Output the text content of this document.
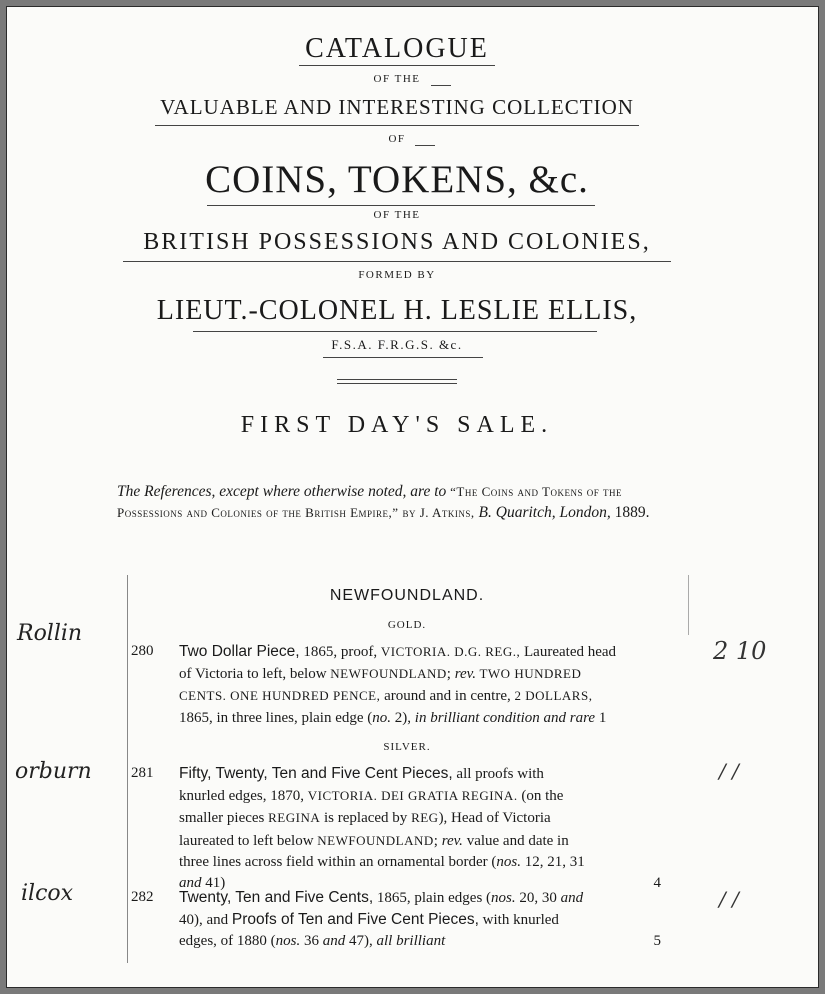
CATALOGUE
OF THE
VALUABLE AND INTERESTING COLLECTION
OF
COINS, TOKENS, &c.
OF THE
BRITISH POSSESSIONS AND COLONIES,
FORMED BY
LIEUT.-COLONEL H. LESLIE ELLIS,
F.S.A. F.R.G.S. &c.
FIRST DAY'S SALE.
The References, except where otherwise noted, are to “The Coins and Tokens of the Possessions and Colonies of the British Empire,” by J. Atkins, B. Quaritch, London, 1889.
NEWFOUNDLAND.
GOLD.
SILVER.
Rollin
2 10
280	Two Dollar Piece, 1865, proof, VICTORIA. D.G. REG., Laureated head
of Victoria to left, below NEWFOUNDLAND; rev. TWO HUNDRED
CENTS. ONE HUNDRED PENCE, around and in centre, 2 DOLLARS,
1865, in three lines, plain edge (no. 2), in brilliant condition and rare 1
orburn	/ /
281	Fifty, Twenty, Ten and Five Cent Pieces, all proofs with
knurled edges, 1870, VICTORIA. DEI GRATIA REGINA. (on the
smaller pieces REGINA is replaced by REG), Head of Victoria
laureated to left below NEWFOUNDLAND; rev. value and date in
three lines across field within an ornamental border (nos. 12, 21, 31
and 41)	4
ilcox	/ /
282	Twenty, Ten and Five Cents, 1865, plain edges (nos. 20, 30 and
40), and Proofs of Ten and Five Cent Pieces, with knurled
edges, of 1880 (nos. 36 and 47), all brilliant	5
